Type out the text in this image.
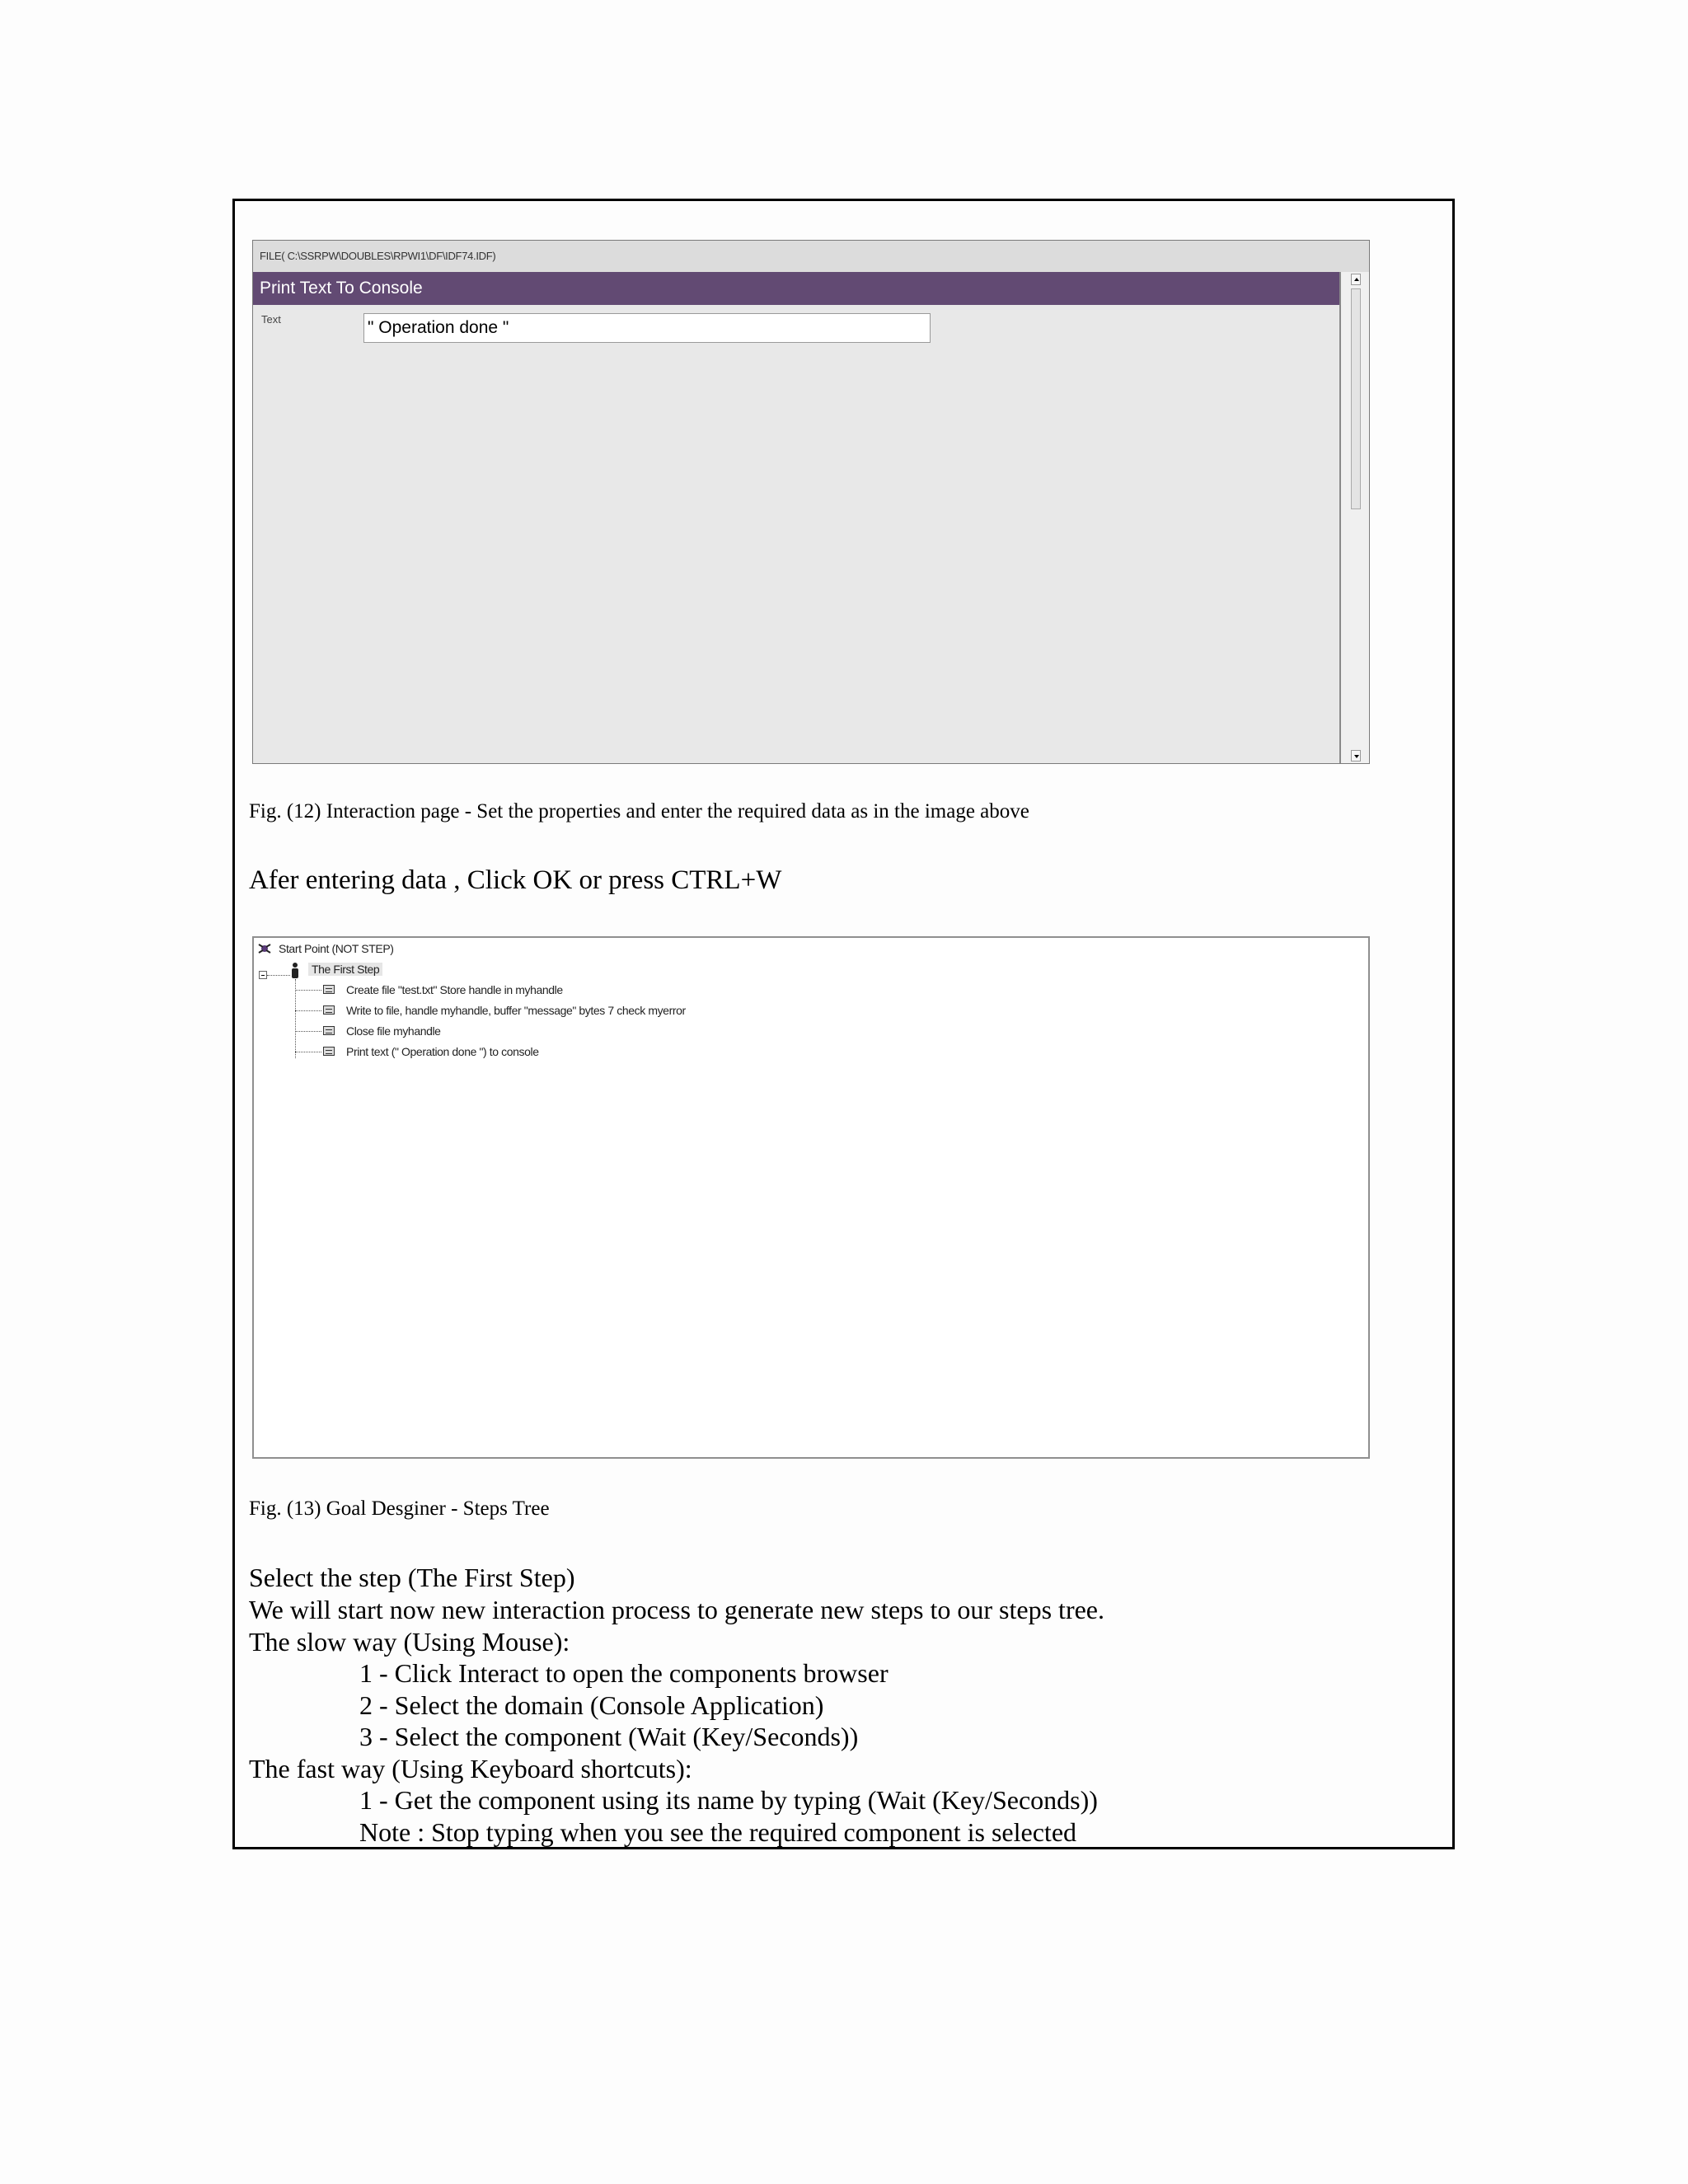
FILE( C:\SSRPW\DOUBLES\RPWI1\DF\IDF74.IDF)
Print Text To Console
Text	" Operation done "
Fig. (12) Interaction page - Set the properties and enter the required data as in the image above
Afer entering data , Click OK or press CTRL+W
Start Point (NOT STEP)
The First Step
Create file "test.txt" Store handle in myhandle
Write to file, handle myhandle, buffer "message" bytes 7 check myerror
Close file myhandle
Print text (" Operation done ") to console
Fig. (13) Goal Desginer - Steps Tree
Select the step (The First Step)
We will start now new interaction process to generate new steps to our steps tree.
The slow way (Using Mouse):
1 - Click Interact to open the components browser
2 - Select the domain (Console Application)
3 - Select the component (Wait (Key/Seconds))
The fast way (Using Keyboard shortcuts):
1 - Get the component using its name by typing (Wait (Key/Seconds))
Note : Stop typing when you see the required component is selected
